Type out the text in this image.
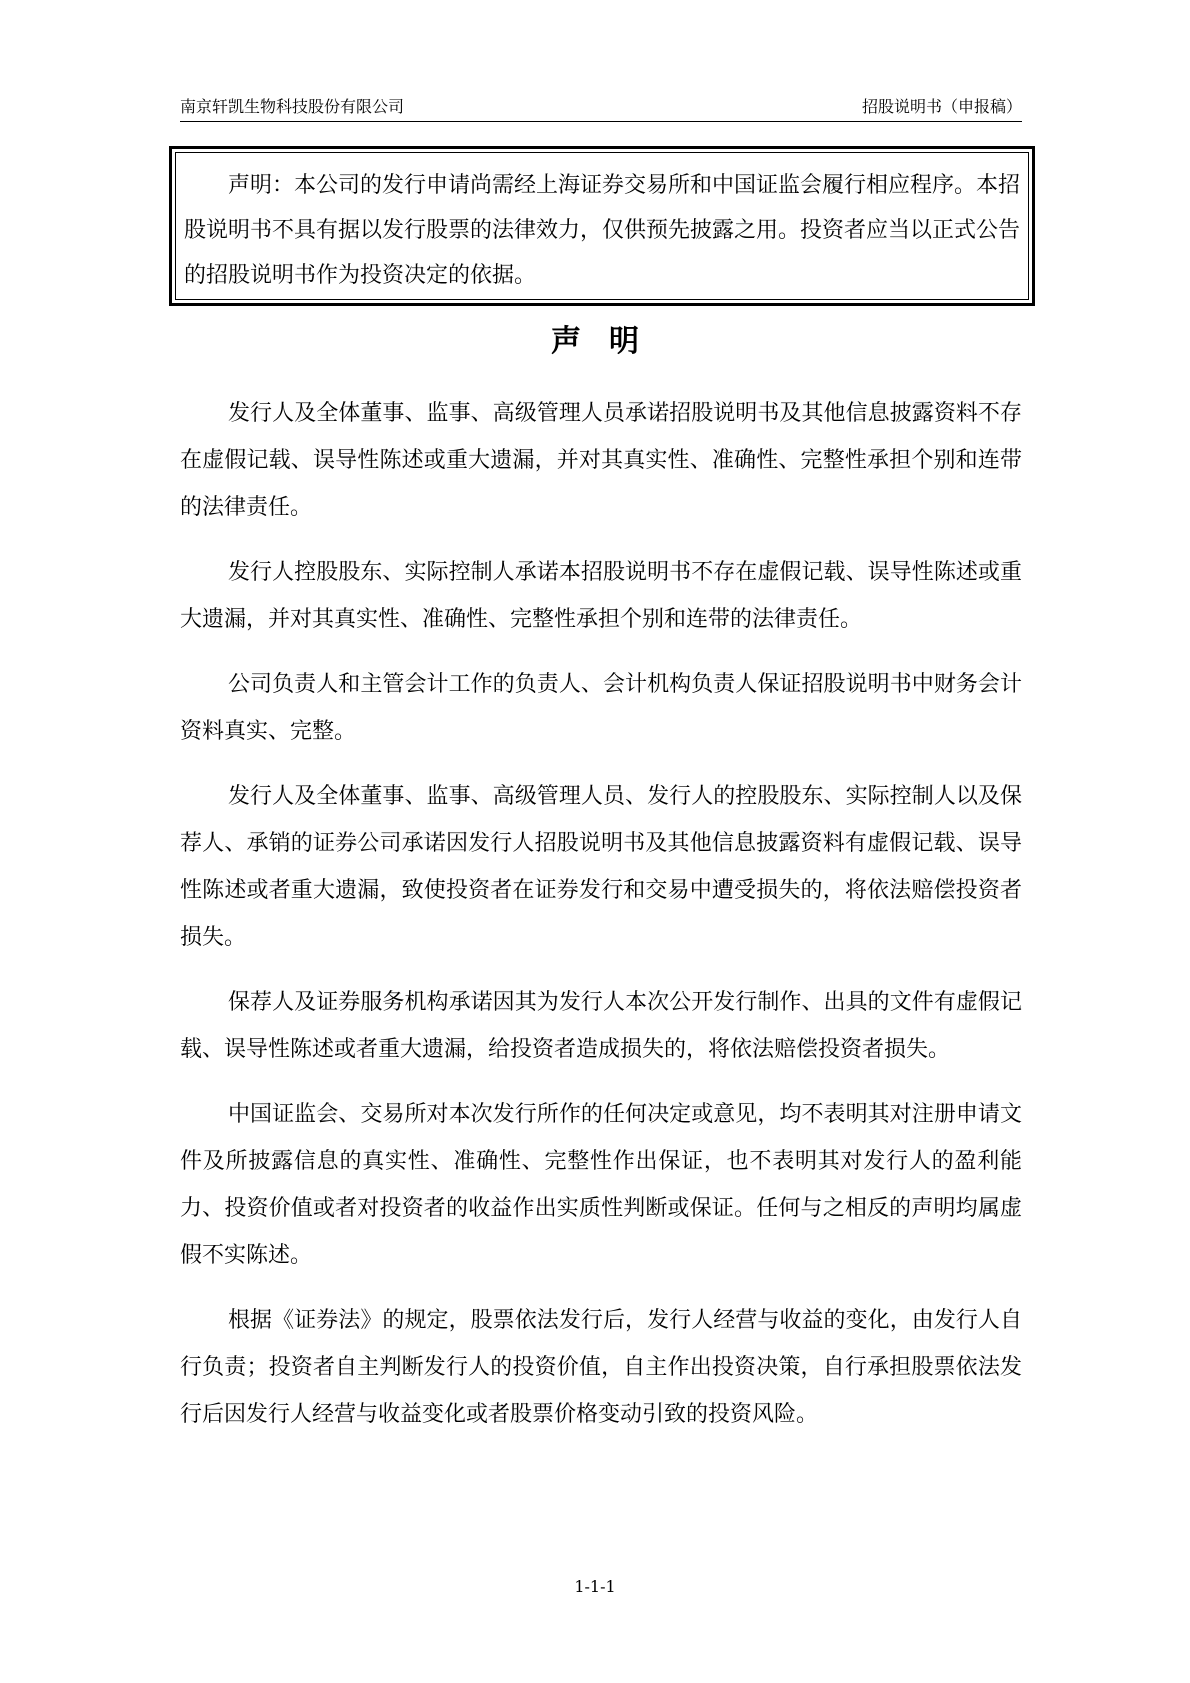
南京轩凯生物科技股份有限公司	招股说明书（申报稿）
声明：本公司的发行申请尚需经上海证券交易所和中国证监会履行相应程序。本招股说明书不具有据以发行股票的法律效力，仅供预先披露之用。投资者应当以正式公告的招股说明书作为投资决定的依据。
声明

发行人及全体董事、监事、高级管理人员承诺招股说明书及其他信息披露资料不存在虚假记载、误导性陈述或重大遗漏，并对其真实性、准确性、完整性承担个别和连带的法律责任。

发行人控股股东、实际控制人承诺本招股说明书不存在虚假记载、误导性陈述或重大遗漏，并对其真实性、准确性、完整性承担个别和连带的法律责任。

公司负责人和主管会计工作的负责人、会计机构负责人保证招股说明书中财务会计资料真实、完整。

发行人及全体董事、监事、高级管理人员、发行人的控股股东、实际控制人以及保荐人、承销的证券公司承诺因发行人招股说明书及其他信息披露资料有虚假记载、误导性陈述或者重大遗漏，致使投资者在证券发行和交易中遭受损失的，将依法赔偿投资者损失。

保荐人及证券服务机构承诺因其为发行人本次公开发行制作、出具的文件有虚假记载、误导性陈述或者重大遗漏，给投资者造成损失的，将依法赔偿投资者损失。

中国证监会、交易所对本次发行所作的任何决定或意见，均不表明其对注册申请文件及所披露信息的真实性、准确性、完整性作出保证，也不表明其对发行人的盈利能力、投资价值或者对投资者的收益作出实质性判断或保证。任何与之相反的声明均属虚假不实陈述。

根据《证券法》的规定，股票依法发行后，发行人经营与收益的变化，由发行人自行负责；投资者自主判断发行人的投资价值，自主作出投资决策，自行承担股票依法发行后因发行人经营与收益变化或者股票价格变动引致的投资风险。

1-1-1
